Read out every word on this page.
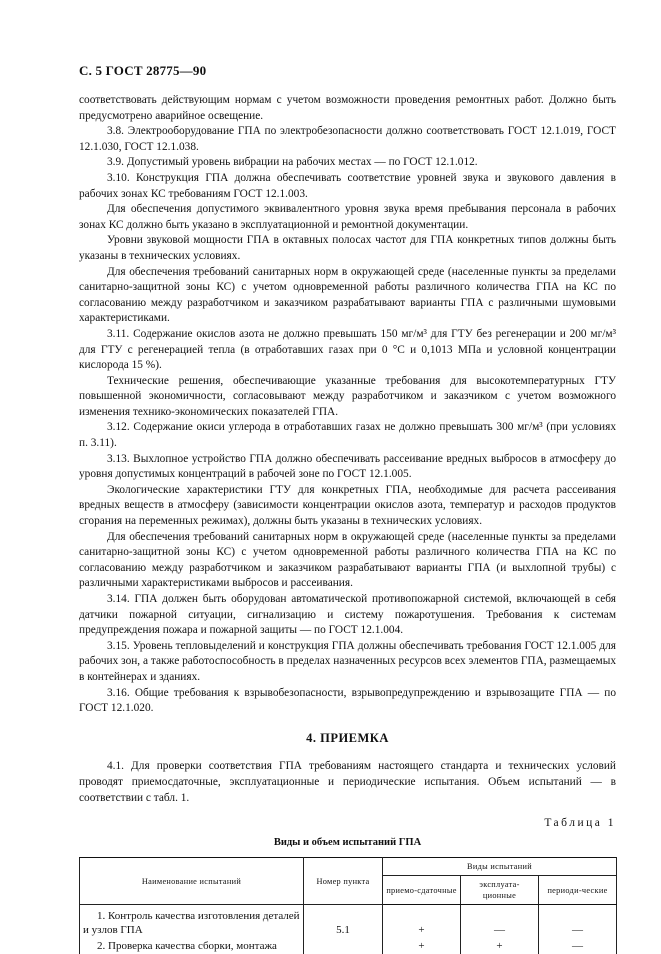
С. 5 ГОСТ 28775—90

соответствовать действующим нормам с учетом возможности проведения ремонтных работ. Должно быть предусмотрено аварийное освещение.

3.8. Электрооборудование ГПА по электробезопасности должно соответствовать ГОСТ 12.1.019, ГОСТ 12.1.030, ГОСТ 12.1.038.

3.9. Допустимый уровень вибрации на рабочих местах — по ГОСТ 12.1.012.

3.10. Конструкция ГПА должна обеспечивать соответствие уровней звука и звукового давления в рабочих зонах КС требованиям ГОСТ 12.1.003.

Для обеспечения допустимого эквивалентного уровня звука время пребывания персонала в рабочих зонах КС должно быть указано в эксплуатационной и ремонтной документации.

Уровни звуковой мощности ГПА в октавных полосах частот для ГПА конкретных типов должны быть указаны в технических условиях.

Для обеспечения требований санитарных норм в окружающей среде (населенные пункты за пределами санитарно-защитной зоны КС) с учетом одновременной работы различного количества ГПА на КС по согласованию между разработчиком и заказчиком разрабатывают варианты ГПА с различными шумовыми характеристиками.

3.11. Содержание окислов азота не должно превышать 150 мг/м³ для ГТУ без регенерации и 200 мг/м³ для ГТУ с регенерацией тепла (в отработавших газах при 0 °С и 0,1013 МПа и условной концентрации кислорода 15 %).

Технические решения, обеспечивающие указанные требования для высокотемпературных ГТУ повышенной экономичности, согласовывают между разработчиком и заказчиком с учетом возможного изменения технико-экономических показателей ГПА.

3.12. Содержание окиси углерода в отработавших газах не должно превышать 300 мг/м³ (при условиях п. 3.11).

3.13. Выхлопное устройство ГПА должно обеспечивать рассеивание вредных выбросов в атмосферу до уровня допустимых концентраций в рабочей зоне по ГОСТ 12.1.005.

Экологические характеристики ГТУ для конкретных ГПА, необходимые для расчета рассеивания вредных веществ в атмосферу (зависимости концентрации окислов азота, температур и расходов продуктов сгорания на переменных режимах), должны быть указаны в технических условиях.

Для обеспечения требований санитарных норм в окружающей среде (населенные пункты за пределами санитарно-защитной зоны КС) с учетом одновременной работы различного количества ГПА на КС по согласованию между разработчиком и заказчиком разрабатывают варианты ГПА (и выхлопной трубы) с различными характеристиками выбросов и рассеивания.

3.14. ГПА должен быть оборудован автоматической противопожарной системой, включающей в себя датчики пожарной ситуации, сигнализацию и систему пожаротушения. Требования к системам предупреждения пожара и пожарной защиты — по ГОСТ 12.1.004.

3.15. Уровень тепловыделений и конструкция ГПА должны обеспечивать требования ГОСТ 12.1.005 для рабочих зон, а также работоспособность в пределах назначенных ресурсов всех элементов ГПА, размещаемых в контейнерах и зданиях.

3.16. Общие требования к взрывобезопасности, взрывопредупреждению и взрывозащите ГПА — по ГОСТ 12.1.020.

4. ПРИЕМКА

4.1. Для проверки соответствия ГПА требованиям настоящего стандарта и технических условий проводят приемосдаточные, эксплуатационные и периодические испытания. Объем испытаний — в соответствии с табл. 1.

Таблица 1
Виды и объем испытаний ГПА
Наименование испытаний	Номер пункта	Виды испытаний		
		приемо-сдаточные	эксплуата-ционные	периоди-ческие
1. Контроль качества изготовления деталей и узлов ГПА	5.1	+	—	—
2. Проверка качества сборки, монтажа		+	+	—
